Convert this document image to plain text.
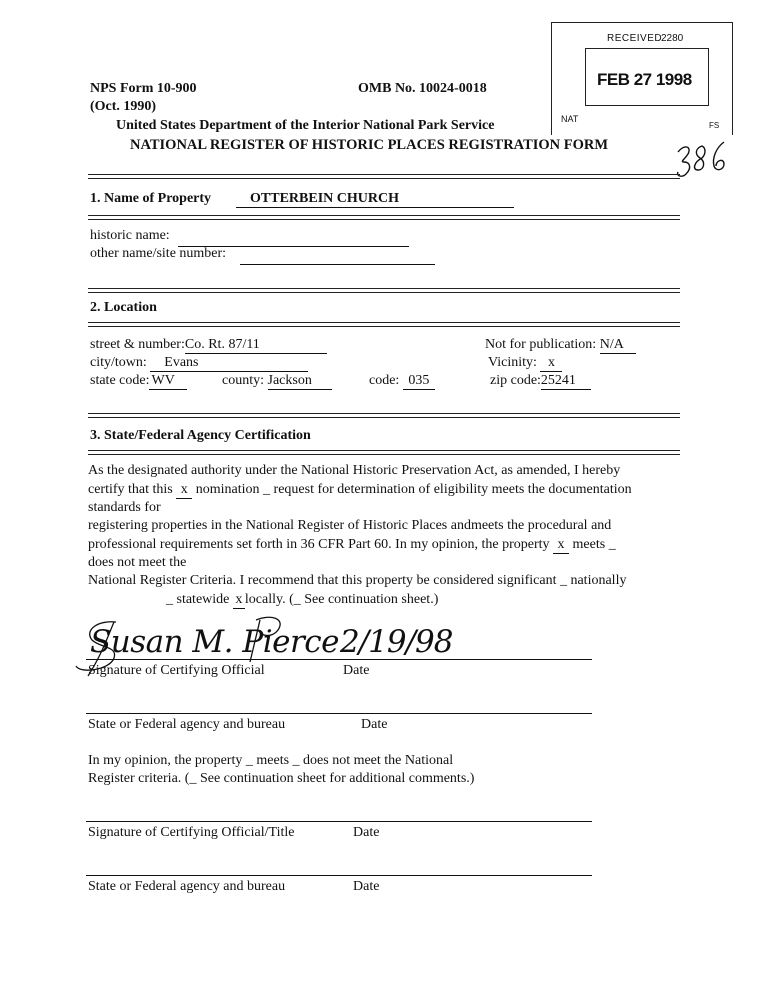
RECEIVED
2280
FEB 27 1998
NAT
FS
NPS Form 10-900	OMB No. 10024-0018
(Oct. 1990)
United States Department of the Interior National Park Service
NATIONAL REGISTER OF HISTORIC PLACES REGISTRATION FORM
1. Name of Property	OTTERBEIN CHURCH
historic name:
other name/site number:
2. Location
street & number:Co. Rt. 87/11	Not for publication: N/A
city/town: Evans	Vicinity: x
state code: WV	county: Jackson	code: 035	zip code:25241
3. State/Federal Agency Certification
As the designated authority under the National Historic Preservation Act, as amended, I hereby
certify that this x nomination _ request for determination of eligibility meets the documentation
standards for
registering properties in the National Register of Historic Places andmeets the procedural and
professional requirements set forth in 36 CFR Part 60. In my opinion, the property x meets _
does not meet the
National Register Criteria. I recommend that this property be considered significant _ nationally
_ statewide x locally. (_ See continuation sheet.)
Susan M. Pierce 2/19/98
Signature of Certifying Official	Date
State or Federal agency and bureau	Date
In my opinion, the property _ meets _ does not meet the National
Register criteria. (_ See continuation sheet for additional comments.)
Signature of Certifying Official/Title	Date
State or Federal agency and bureau	Date
